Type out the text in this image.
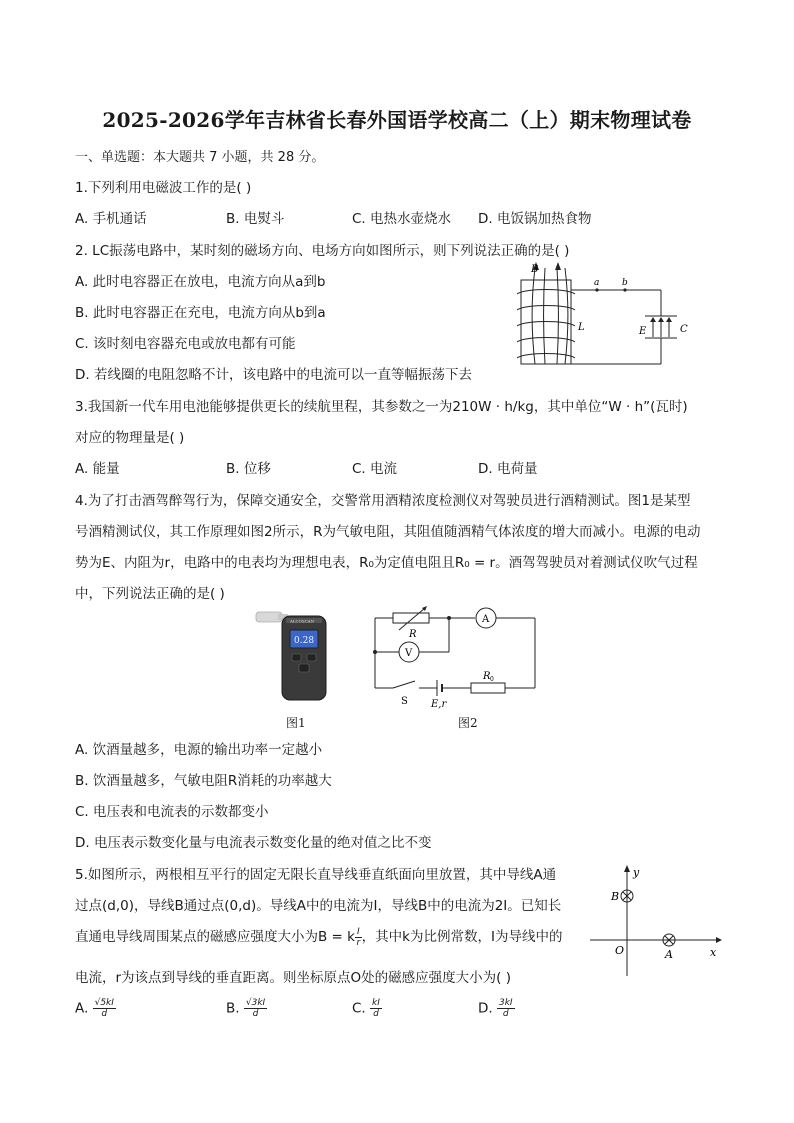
2025-2026学年吉林省长春外国语学校高二（上）期末物理试卷
一、单选题：本大题共 7 小题，共 28 分。
1.下列利用电磁波工作的是( )
A. 手机通话	B. 电熨斗	C. 电热水壶烧水 D. 电饭锅加热食物
2. LC振荡电路中，某时刻的磁场方向、电场方向如图所示，则下列说法正确的是( )
A. 此时电容器正在放电，电流方向从a到b
B. 此时电容器正在充电，电流方向从b到a
C. 该时刻电容器充电或放电都有可能
D. 若线圈的电阻忽略不计，该电路中的电流可以一直等幅振荡下去
B
a	b
L	E	C
3.我国新一代车用电池能够提供更长的续航里程，其参数之一为210W · h/kg，其中单位“W · h”(瓦时)
对应的物理量是( )
A. 能量	B. 位移	C. 电流	D. 电荷量
4.为了打击酒驾醉驾行为，保障交通安全，交警常用酒精浓度检测仪对驾驶员进行酒精测试。图1是某型
号酒精测试仪，其工作原理如图2所示，R为气敏电阻，其阻值随酒精气体浓度的增大而减小。电源的电动
势为E、内阻为r，电路中的电表均为理想电表，R₀为定值电阻且R₀ = r。酒驾驾驶员对着测试仪吹气过程
中，下列说法正确的是( )
ALCOSCAN
0.28
图1
R
A
V
R 0
S E,r
图2
A. 饮酒量越多，电源的输出功率一定越小
B. 饮酒量越多，气敏电阻R消耗的功率越大
C. 电压表和电流表的示数都变小
D. 电压表示数变化量与电流表示数变化量的绝对值之比不变
5.如图所示，两根相互平行的固定无限长直导线垂直纸面向里放置，其中导线A通
过点(d,0)，导线B通过点(0,d)。导线A中的电流为I，导线B中的电流为2I。已知长
直通电导线周围某点的磁感应强度大小为B = k $\frac{I}{r}$ ，其中k为比例常数，I为导线中的
电流，r为该点到导线的垂直距离。则坐标原点O处的磁感应强度大小为( )
y
x
O	A
B
A. $\frac{√5kI}{d}$	B. $\frac{√3kI}{d}$	C. $\frac{kI}{d}$	D. $\frac{3kI}{d}$
